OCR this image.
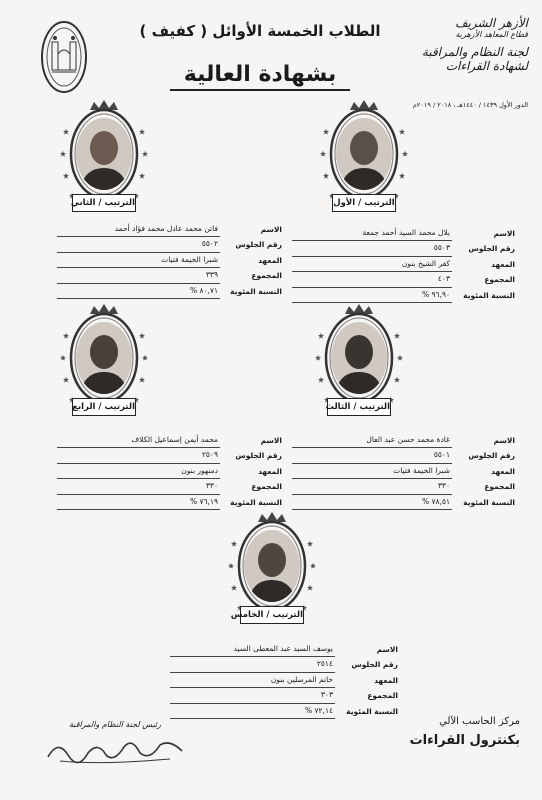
الطلاب الخمسة الأوائل ( كفيف )
بشهادة العالية
الأزهر الشريف
قطاع المعاهد الأزهرية
لجنة النظام والمراقبة
لشهادة القراءات
الدور الأول ١٤٣٩ / ١٤٤٠هـ ، ٢٠١٨ / ٢٠١٩م
الترتيب / الأول
الترتيب / الثاني
الترتيب / الثالث
الترتيب / الرابع
الترتيب / الخامس
الاسم
رقم الجلوس
المعهد
المجموع
النسبة المئوية
بلال محمد السيد أحمد جمعة
٥٥٠٣
كفر الشيخ بنون
٤٠٣
٩٦,٩٠ %
الاسم
رقم الجلوس
المعهد
المجموع
النسبة المئوية
فاتن محمد عادل محمد فؤاد أحمد
٥٥٠٢
شبرا الخيمة فتيات
٣٣٩
٨٠,٧١ %
الاسم
رقم الجلوس
المعهد
المجموع
النسبة المئوية
غادة محمد حسن عبد العال
٥٥٠١
شبرا الخيمة فتيات
٣٣٠
٧٨,٥١ %
الاسم
رقم الجلوس
المعهد
المجموع
النسبة المئوية
محمد أيمن إسماعيل الكلاف
٢٥٠٩
دمنهور بنون
٣٣٠
٧٦,١٩ %
الاسم
رقم الجلوس
المعهد
المجموع
النسبة المئوية
يوسف السيد عبد المعطى السيد
٢٥١٤
خاتم المرسلين بنون
٣٠٣
٧٢,١٤ %
مركز الحاسب الآلي
بكنترول القراءات
رئيس لجنة النظام والمراقبة
